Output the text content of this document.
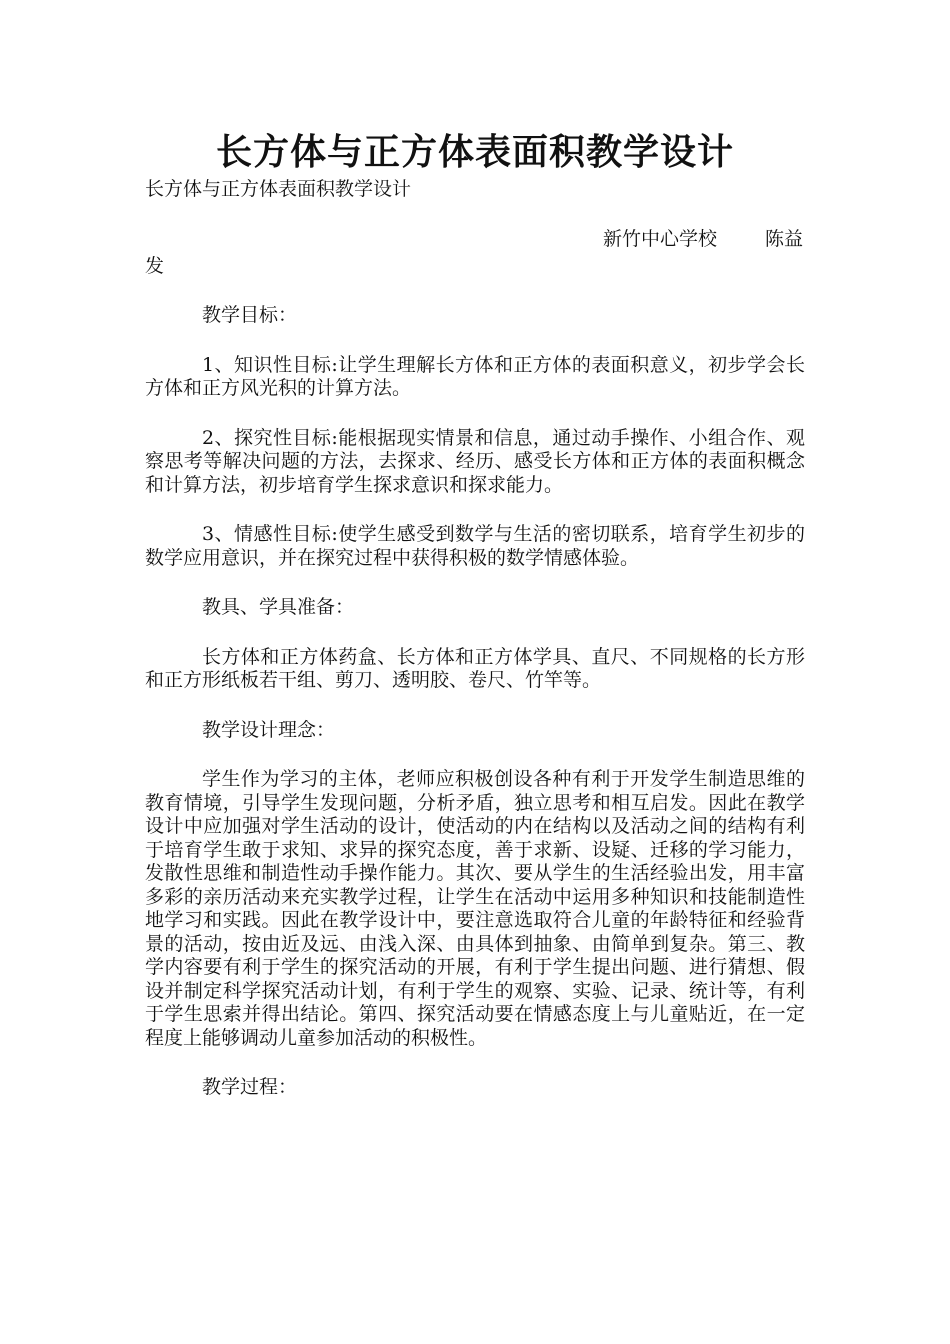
长方体与正方体表面积教学设计

长方体与正方体表面积教学设计

新竹中心学校	陈益发

教学目标：

1、知识性目标:让学生理解长方体和正方体的表面积意义，初步学会长方体和正方风光积的计算方法。

2、探究性目标:能根据现实情景和信息，通过动手操作、小组合作、观察思考等解决问题的方法，去探求、经历、感受长方体和正方体的表面积概念和计算方法，初步培育学生探求意识和探求能力。

3、情感性目标:使学生感受到数学与生活的密切联系，培育学生初步的数学应用意识，并在探究过程中获得积极的数学情感体验。

教具、学具准备：

长方体和正方体药盒、长方体和正方体学具、直尺、不同规格的长方形和正方形纸板若干组、剪刀、透明胶、卷尺、竹竿等。

教学设计理念：

学生作为学习的主体，老师应积极创设各种有利于开发学生制造思维的教育情境，引导学生发现问题，分析矛盾，独立思考和相互启发。因此在教学设计中应加强对学生活动的设计，使活动的内在结构以及活动之间的结构有利于培育学生敢于求知、求异的探究态度，善于求新、设疑、迁移的学习能力，发散性思维和制造性动手操作能力。其次、要从学生的生活经验出发，用丰富多彩的亲历活动来充实教学过程，让学生在活动中运用多种知识和技能制造性地学习和实践。因此在教学设计中，要注意选取符合儿童的年龄特征和经验背景的活动，按由近及远、由浅入深、由具体到抽象、由简单到复杂。第三、教学内容要有利于学生的探究活动的开展，有利于学生提出问题、进行猜想、假设并制定科学探究活动计划，有利于学生的观察、实验、记录、统计等，有利于学生思索并得出结论。第四、探究活动要在情感态度上与儿童贴近，在一定程度上能够调动儿童参加活动的积极性。

教学过程：
